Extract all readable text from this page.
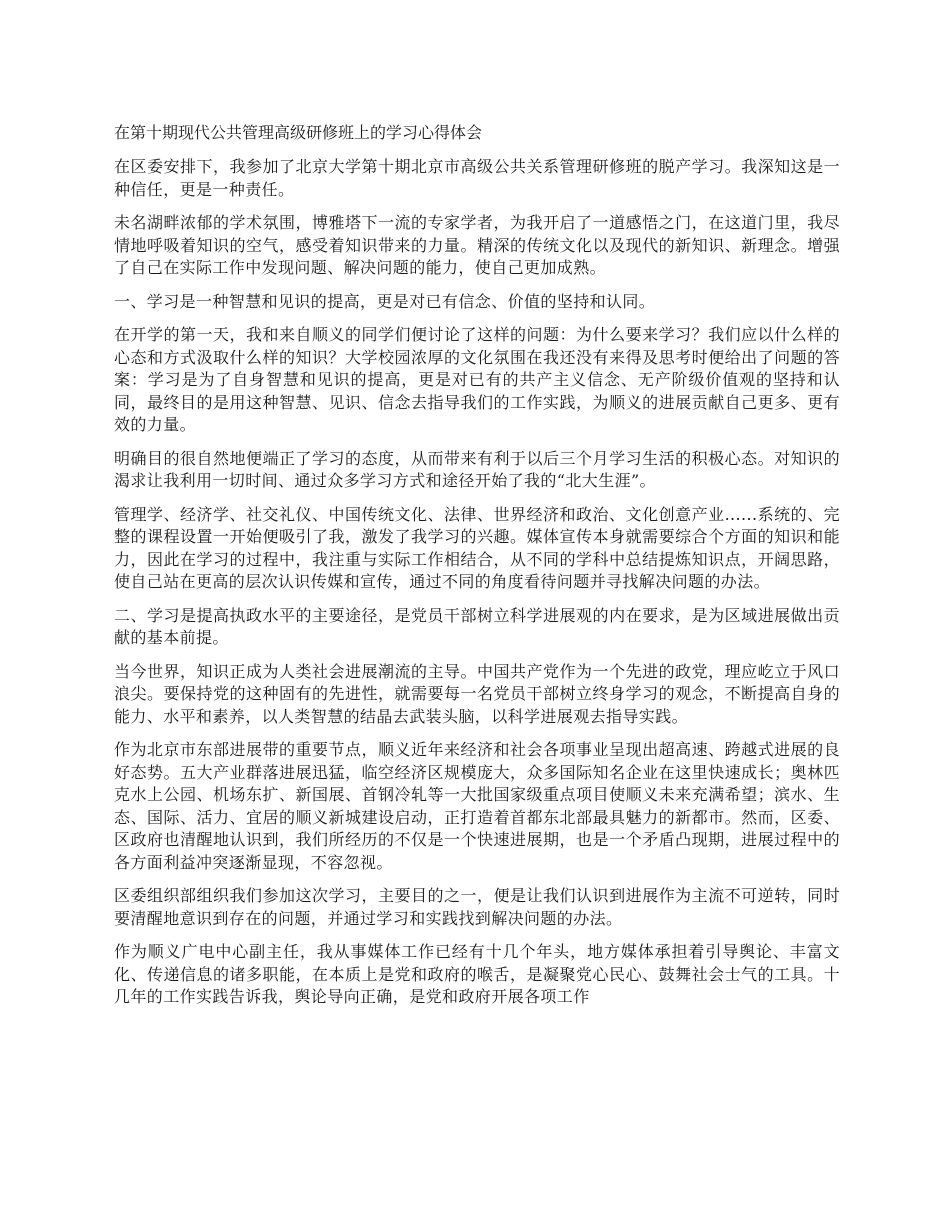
在第十期现代公共管理高级研修班上的学习心得体会

在区委安排下，我参加了北京大学第十期北京市高级公共关系管理研修班的脱产学习。我深知这是一种信任，更是一种责任。

未名湖畔浓郁的学术氛围，博雅塔下一流的专家学者，为我开启了一道感悟之门，在这道门里，我尽情地呼吸着知识的空气，感受着知识带来的力量。精深的传统文化以及现代的新知识、新理念。增强了自己在实际工作中发现问题、解决问题的能力，使自己更加成熟。

一、学习是一种智慧和见识的提高，更是对已有信念、价值的坚持和认同。

在开学的第一天，我和来自顺义的同学们便讨论了这样的问题：为什么要来学习？我们应以什么样的心态和方式汲取什么样的知识？大学校园浓厚的文化氛围在我还没有来得及思考时便给出了问题的答案：学习是为了自身智慧和见识的提高，更是对已有的共产主义信念、无产阶级价值观的坚持和认同，最终目的是用这种智慧、见识、信念去指导我们的工作实践，为顺义的进展贡献自己更多、更有效的力量。

明确目的很自然地便端正了学习的态度，从而带来有利于以后三个月学习生活的积极心态。对知识的渴求让我利用一切时间、通过众多学习方式和途径开始了我的“北大生涯”。

管理学、经济学、社交礼仪、中国传统文化、法律、世界经济和政治、文化创意产业......系统的、完整的课程设置一开始便吸引了我，激发了我学习的兴趣。媒体宣传本身就需要综合个方面的知识和能力，因此在学习的过程中，我注重与实际工作相结合，从不同的学科中总结提炼知识点，开阔思路，使自己站在更高的层次认识传媒和宣传，通过不同的角度看待问题并寻找解决问题的办法。

二、学习是提高执政水平的主要途径，是党员干部树立科学进展观的内在要求，是为区域进展做出贡献的基本前提。

当今世界，知识正成为人类社会进展潮流的主导。中国共产党作为一个先进的政党，理应屹立于风口浪尖。要保持党的这种固有的先进性，就需要每一名党员干部树立终身学习的观念，不断提高自身的能力、水平和素养，以人类智慧的结晶去武装头脑，以科学进展观去指导实践。

作为北京市东部进展带的重要节点，顺义近年来经济和社会各项事业呈现出超高速、跨越式进展的良好态势。五大产业群落进展迅猛，临空经济区规模庞大，众多国际知名企业在这里快速成长；奥林匹克水上公园、机场东扩、新国展、首钢冷轧等一大批国家级重点项目使顺义未来充满希望；滨水、生态、国际、活力、宜居的顺义新城建设启动，正打造着首都东北部最具魅力的新都市。然而，区委、区政府也清醒地认识到，我们所经历的不仅是一个快速进展期，也是一个矛盾凸现期，进展过程中的各方面利益冲突逐渐显现，不容忽视。

区委组织部组织我们参加这次学习，主要目的之一，便是让我们认识到进展作为主流不可逆转，同时要清醒地意识到存在的问题，并通过学习和实践找到解决问题的办法。

作为顺义广电中心副主任，我从事媒体工作已经有十几个年头，地方媒体承担着引导舆论、丰富文化、传递信息的诸多职能，在本质上是党和政府的喉舌，是凝聚党心民心、鼓舞社会士气的工具。十几年的工作实践告诉我，舆论导向正确，是党和政府开展各项工作
